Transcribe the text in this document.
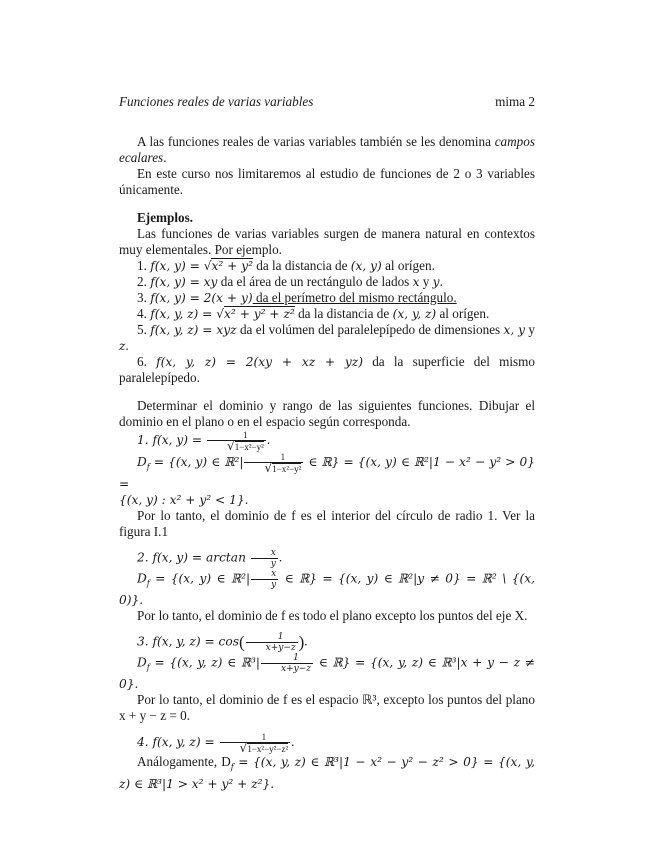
Funciones reales de varias variables	mima 2

A las funciones reales de varias variables también se les denomina campos ecalares.

En este curso nos limitaremos al estudio de funciones de 2 o 3 variables únicamente.

Ejemplos.

Las funciones de varias variables surgen de manera natural en contextos muy elementales. Por ejemplo.

1. f(x, y) = √x² + y² da la distancia de (x, y) al orígen.

2. f(x, y) = xy da el área de un rectángulo de lados x y y.

3. f(x, y) = 2(x + y) da el perímetro del mismo rectángulo.

4. f(x, y, z) = √x² + y² + z² da la distancia de (x, y, z) al orígen.

5. f(x, y, z) = xyz da el volúmen del paralelepípedo de dimensiones x, y y z.

6. f(x, y, z) = 2(xy + xz + yz) da la superficie del mismo paralelepípedo.

Determinar el dominio y rango de las siguientes funciones. Dibujar el dominio en el plano o en el espacio según corresponda.

1. f(x, $y) = \frac{1}{\text{√1−x²−y²}}$ .

$D_f = \{(x$, y) ∈ ℝ²| $\frac{1}{\text{√1−x²−y²}}$ ∈ ℝ} = {(x, y) ∈ ℝ²|1 − x² − y² > 0} =

{(x, y) : x² + y² < 1}.

Por lo tanto, el dominio de f es el interior del círculo de radio 1. Ver la figura I.1

2. f(x, $y) = \arctan \frac{x}{y}$ .

$D_f = \{(x$, y) ∈ ℝ²| $\frac{x}{y}$ ∈ ℝ} = {(x, y) ∈ ℝ²|y ≠ 0} = ℝ² \ {(x, 0)}.

Por lo tanto, el dominio de f es todo el plano excepto los puntos del eje X.

3. f(x, y, $z) = \cos( \frac{1}{x+y-z}$ ).

$D_f = \{(x$, y, z) ∈ ℝ³| $\frac{1}{x+y-z}$ ∈ ℝ} = {(x, y, z) ∈ ℝ³|x + y − z ≠ 0}.

Por lo tanto, el dominio de f es el espacio ℝ³, excepto los puntos del plano x + y − z = 0.

4. f(x, y, $z) = \frac{1}{\text{√1−x²−y²−z²}}$ .

Análogamente, $D_f = \{(x$, y, z) ∈ ℝ³|1 − x² − y² − z² > 0} = {(x, y, z) ∈ ℝ³|1 > x² + y² + z²}.
